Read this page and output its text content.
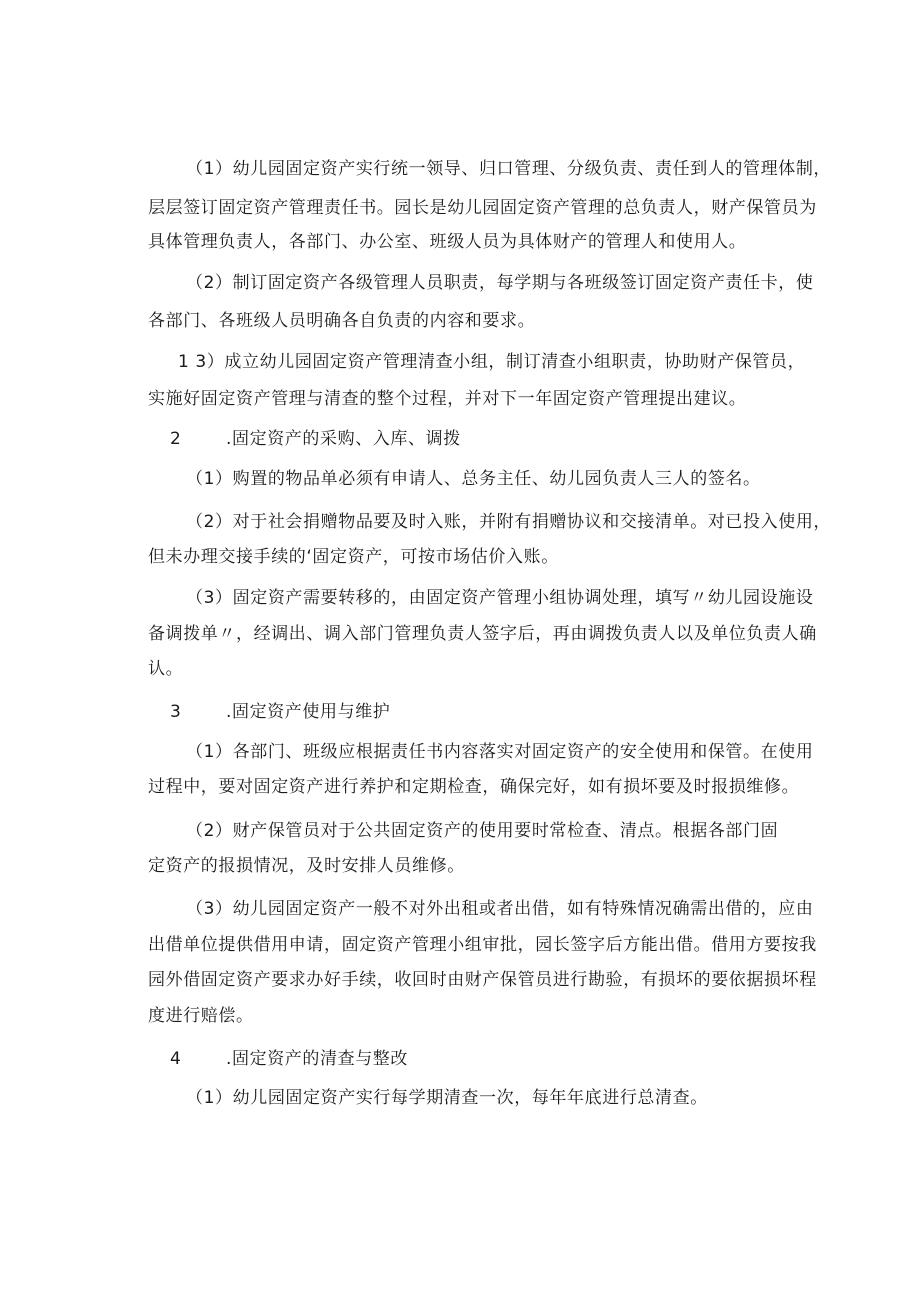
（1）幼儿园固定资产实行统一领导、归口管理、分级负责、责任到人的管理体制，
层层签订固定资产管理责任书。园长是幼儿园固定资产管理的总负责人，财产保管员为
具体管理负责人，各部门、办公室、班级人员为具体财产的管理人和使用人。
（2）制订固定资产各级管理人员职责，每学期与各班级签订固定资产责任卡，使
各部门、各班级人员明确各自负责的内容和要求。
1 3）成立幼儿园固定资产管理清查小组，制订清查小组职责，协助财产保管员，
实施好固定资产管理与清查的整个过程，并对下一年固定资产管理提出建议。
2	.固定资产的采购、入库、调拨
（1）购置的物品单必须有申请人、总务主任、幼儿园负责人三人的签名。
（2）对于社会捐赠物品要及时入账，并附有捐赠协议和交接清单。对已投入使用，
但未办理交接手续的‘固定资产，可按市场估价入账。
（3）固定资产需要转移的，由固定资产管理小组协调处理，填写〃幼儿园设施设
备调拨单〃，经调出、调入部门管理负责人签字后，再由调拨负责人以及单位负责人确
认。
3	.固定资产使用与维护
（1）各部门、班级应根据责任书内容落实对固定资产的安全使用和保管。在使用
过程中，要对固定资产进行养护和定期检查，确保完好，如有损坏要及时报损维修。
（2）财产保管员对于公共固定资产的使用要时常检查、清点。根据各部门固
定资产的报损情况，及时安排人员维修。
（3）幼儿园固定资产一般不对外出租或者出借，如有特殊情况确需出借的，应由
出借单位提供借用申请，固定资产管理小组审批，园长签字后方能出借。借用方要按我
园外借固定资产要求办好手续，收回时由财产保管员进行勘验，有损坏的要依据损坏程
度进行赔偿。
4	.固定资产的清查与整改
（1）幼儿园固定资产实行每学期清查一次，每年年底进行总清查。
